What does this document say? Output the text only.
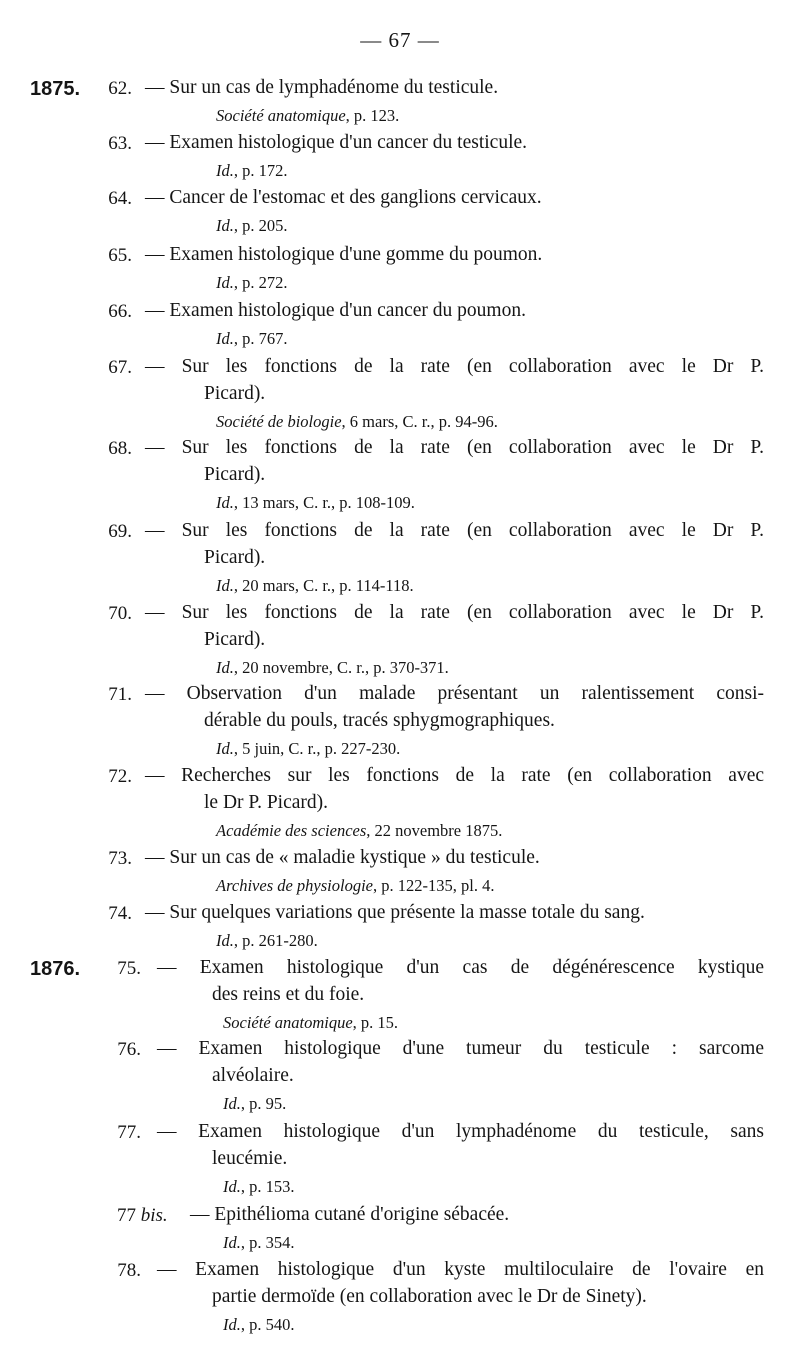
— 67 —
1875. 62. — Sur un cas de lymphadénome du testicule.
Société anatomique, p. 123.
63. — Examen histologique d'un cancer du testicule.
Id., p. 172.
64. — Cancer de l'estomac et des ganglions cervicaux.
Id., p. 205.
65. — Examen histologique d'une gomme du poumon.
Id., p. 272.
66. — Examen histologique d'un cancer du poumon.
Id., p. 767.
67. — Sur les fonctions de la rate (en collaboration avec le Dr P.
Picard).
Société de biologie, 6 mars, C. r., p. 94-96.
68. — Sur les fonctions de la rate (en collaboration avec le Dr P.
Picard).
Id., 13 mars, C. r., p. 108-109.
69. — Sur les fonctions de la rate (en collaboration avec le Dr P.
Picard).
Id., 20 mars, C. r., p. 114-118.
70. — Sur les fonctions de la rate (en collaboration avec le Dr P.
Picard).
Id., 20 novembre, C. r., p. 370-371.
71. — Observation d'un malade présentant un ralentissement consi-
dérable du pouls, tracés sphygmographiques.
Id., 5 juin, C. r., p. 227-230.
72. — Recherches sur les fonctions de la rate (en collaboration avec
le Dr P. Picard).
Académie des sciences, 22 novembre 1875.
73. — Sur un cas de « maladie kystique » du testicule.
Archives de physiologie, p. 122-135, pl. 4.
74. — Sur quelques variations que présente la masse totale du sang.
Id., p. 261-280.
1876. 75. — Examen histologique d'un cas de dégénérescence kystique
des reins et du foie.
Société anatomique, p. 15.
76. — Examen histologique d'une tumeur du testicule : sarcome
alvéolaire.
Id., p. 95.
77. — Examen histologique d'un lymphadénome du testicule, sans
leucémie.
Id., p. 153.
77 bis. — Epithélioma cutané d'origine sébacée.
Id., p. 354.
78. — Examen histologique d'un kyste multiloculaire de l'ovaire en
partie dermoïde (en collaboration avec le Dr de Sinety).
Id., p. 540.
